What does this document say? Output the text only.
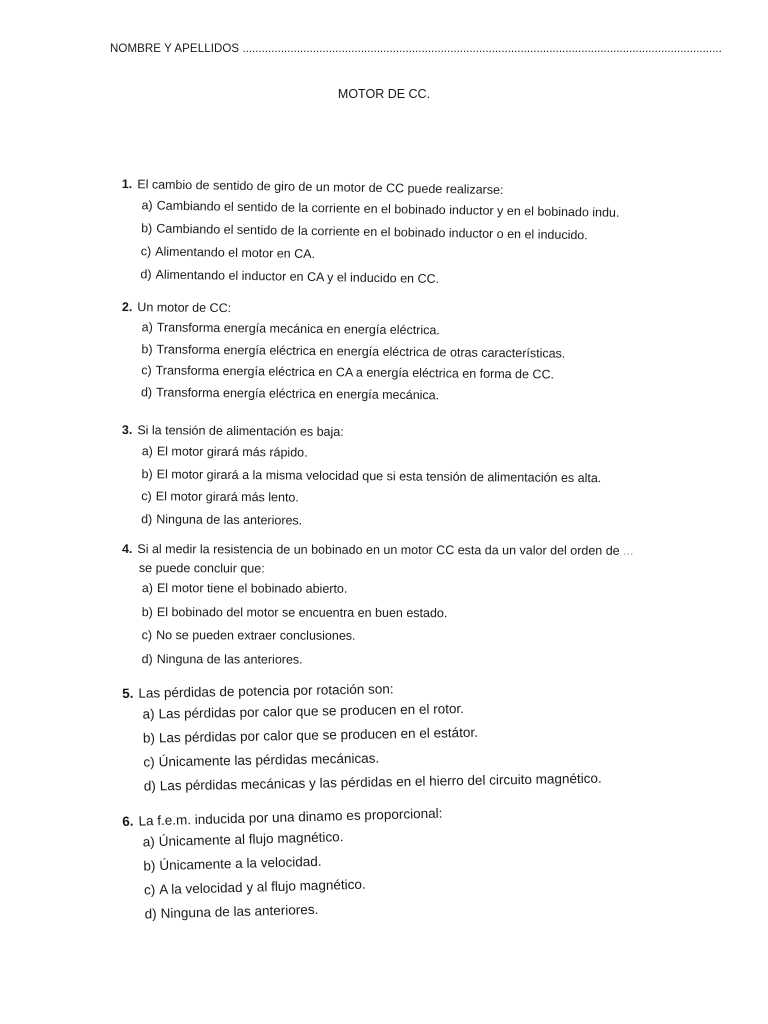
NOMBRE Y APELLIDOS ......................................................................................................................................................
MOTOR DE CC.
1. El cambio de sentido de giro de un motor de CC puede realizarse:
a) Cambiando el sentido de la corriente en el bobinado inductor y en el bobinado indu.
b) Cambiando el sentido de la corriente en el bobinado inductor o en el inducido.
c) Alimentando el motor en CA.
d) Alimentando el inductor en CA y el inducido en CC.
2. Un motor de CC:
a) Transforma energía mecánica en energía eléctrica.
b) Transforma energía eléctrica en energía eléctrica de otras características.
c) Transforma energía eléctrica en CA a energía eléctrica en forma de CC.
d) Transforma energía eléctrica en energía mecánica.
3. Si la tensión de alimentación es baja:
a) El motor girará más rápido.
b) El motor girará a la misma velocidad que si esta tensión de alimentación es alta.
c) El motor girará más lento.
d) Ninguna de las anteriores.
4. Si al medir la resistencia de un bobinado en un motor CC esta da un valor del orden de ...
se puede concluir que:
a) El motor tiene el bobinado abierto.
b) El bobinado del motor se encuentra en buen estado.
c) No se pueden extraer conclusiones.
d) Ninguna de las anteriores.
5. Las pérdidas de potencia por rotación son:
a) Las pérdidas por calor que se producen en el rotor.
b) Las pérdidas por calor que se producen en el estátor.
c) Únicamente las pérdidas mecánicas.
d) Las pérdidas mecánicas y las pérdidas en el hierro del circuito magnético.
6. La f.e.m. inducida por una dinamo es proporcional:
a) Únicamente al flujo magnético.
b) Únicamente a la velocidad.
c) A la velocidad y al flujo magnético.
d) Ninguna de las anteriores.
